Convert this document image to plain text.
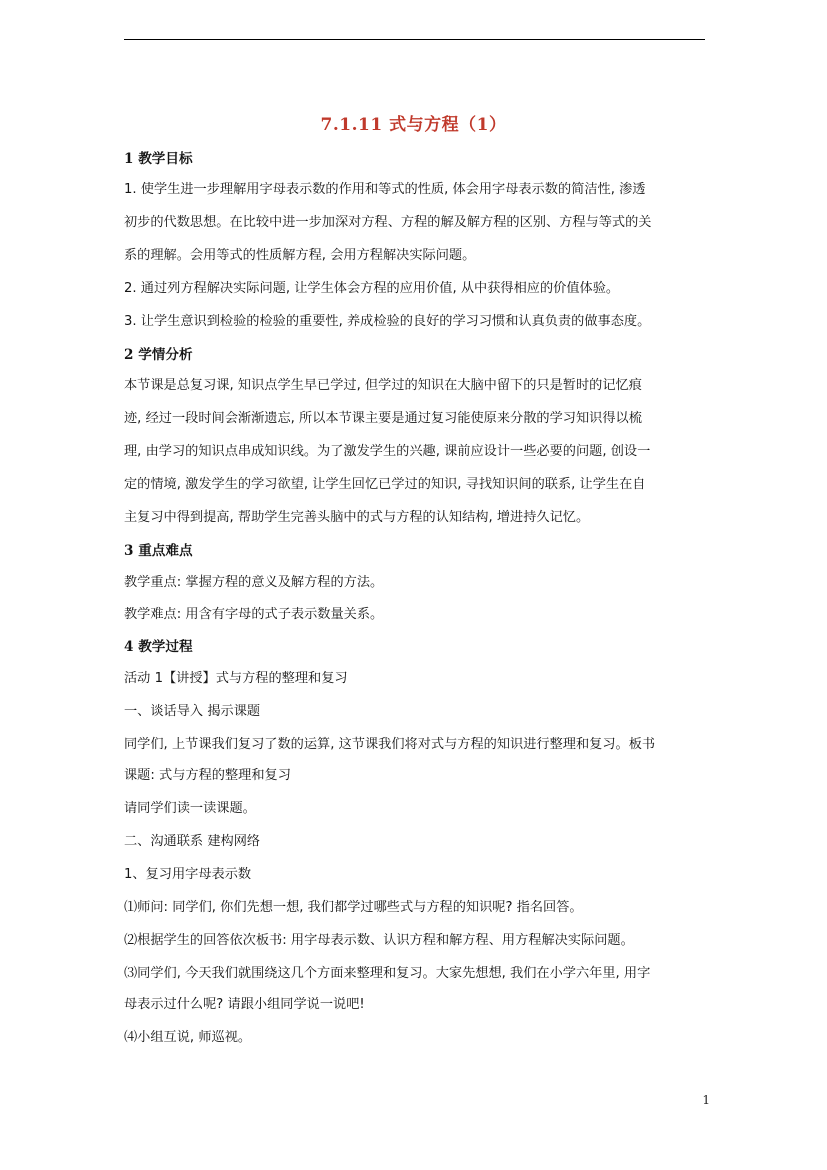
7.1.11 式与方程（1）
1 教学目标
1. 使学生进一步理解用字母表示数的作用和等式的性质, 体会用字母表示数的简洁性, 渗透
初步的代数思想。在比较中进一步加深对方程、方程的解及解方程的区别、方程与等式的关
系的理解。会用等式的性质解方程, 会用方程解决实际问题。
2. 通过列方程解决实际问题, 让学生体会方程的应用价值, 从中获得相应的价值体验。
3. 让学生意识到检验的检验的重要性, 养成检验的良好的学习习惯和认真负责的做事态度。
2 学情分析
本节课是总复习课, 知识点学生早已学过, 但学过的知识在大脑中留下的只是暂时的记忆痕
迹, 经过一段时间会渐渐遗忘, 所以本节课主要是通过复习能使原来分散的学习知识得以梳
理, 由学习的知识点串成知识线。为了激发学生的兴趣, 课前应设计一些必要的问题, 创设一
定的情境, 激发学生的学习欲望, 让学生回忆已学过的知识, 寻找知识间的联系, 让学生在自
主复习中得到提高, 帮助学生完善头脑中的式与方程的认知结构, 增进持久记忆。
3 重点难点
教学重点: 掌握方程的意义及解方程的方法。
教学难点: 用含有字母的式子表示数量关系。
4 教学过程
活动 1【讲授】式与方程的整理和复习
一、谈话导入 揭示课题
同学们, 上节课我们复习了数的运算, 这节课我们将对式与方程的知识进行整理和复习。板书
课题: 式与方程的整理和复习
请同学们读一读课题。
二、沟通联系 建构网络
1、复习用字母表示数
⑴师问: 同学们, 你们先想一想, 我们都学过哪些式与方程的知识呢? 指名回答。
⑵根据学生的回答依次板书: 用字母表示数、认识方程和解方程、用方程解决实际问题。
⑶同学们, 今天我们就围绕这几个方面来整理和复习。大家先想想, 我们在小学六年里, 用字
母表示过什么呢? 请跟小组同学说一说吧!
⑷小组互说, 师巡视。
1
